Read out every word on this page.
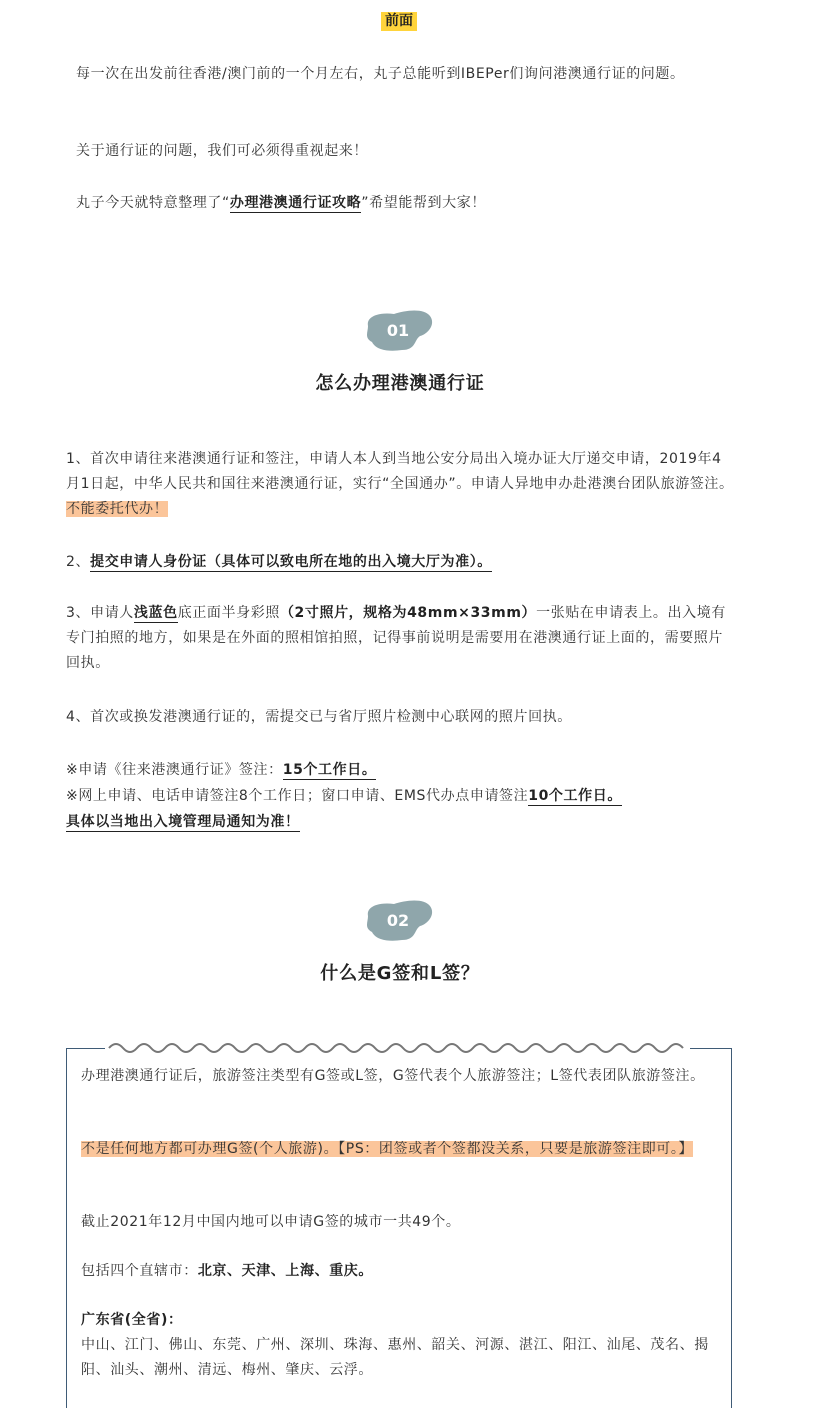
前面

每一次在出发前往香港/澳门前的一个月左右，丸子总能听到IBEPer们询问港澳通行证的问题。

关于通行证的问题，我们可必须得重视起来！

丸子今天就特意整理了“办理港澳通行证攻略”希望能帮到大家！

01
怎么办理港澳通行证

1、首次申请往来港澳通行证和签注，申请人本人到当地公安分局出入境办证大厅递交申请，2019年4月1日起，中华人民共和国往来港澳通行证，实行“全国通办”。申请人异地申办赴港澳台团队旅游签注。不能委托代办！

2、提交申请人身份证（具体可以致电所在地的出入境大厅为准）。

3、申请人浅蓝色底正面半身彩照（2寸照片，规格为48mm×33mm）一张贴在申请表上。出入境有专门拍照的地方，如果是在外面的照相馆拍照，记得事前说明是需要用在港澳通行证上面的，需要照片回执。

4、首次或换发港澳通行证的，需提交已与省厅照片检测中心联网的照片回执。

※申请《往来港澳通行证》签注：15个工作日。

※网上申请、电话申请签注8个工作日；窗口申请、EMS代办点申请签注10个工作日。

具体以当地出入境管理局通知为准！

02
什么是G签和L签？

办理港澳通行证后，旅游签注类型有G签或L签，G签代表个人旅游签注；L签代表团队旅游签注。

不是任何地方都可办理G签(个人旅游)。【PS：团签或者个签都没关系，只要是旅游签注即可。】

截止2021年12月中国内地可以申请G签的城市一共49个。

包括四个直辖市：北京、天津、上海、重庆。

广东省(全省)：

中山、江门、佛山、东莞、广州、深圳、珠海、惠州、韶关、河源、湛江、阳江、汕尾、茂名、揭阳、汕头、潮州、清远、梅州、肇庆、云浮。
